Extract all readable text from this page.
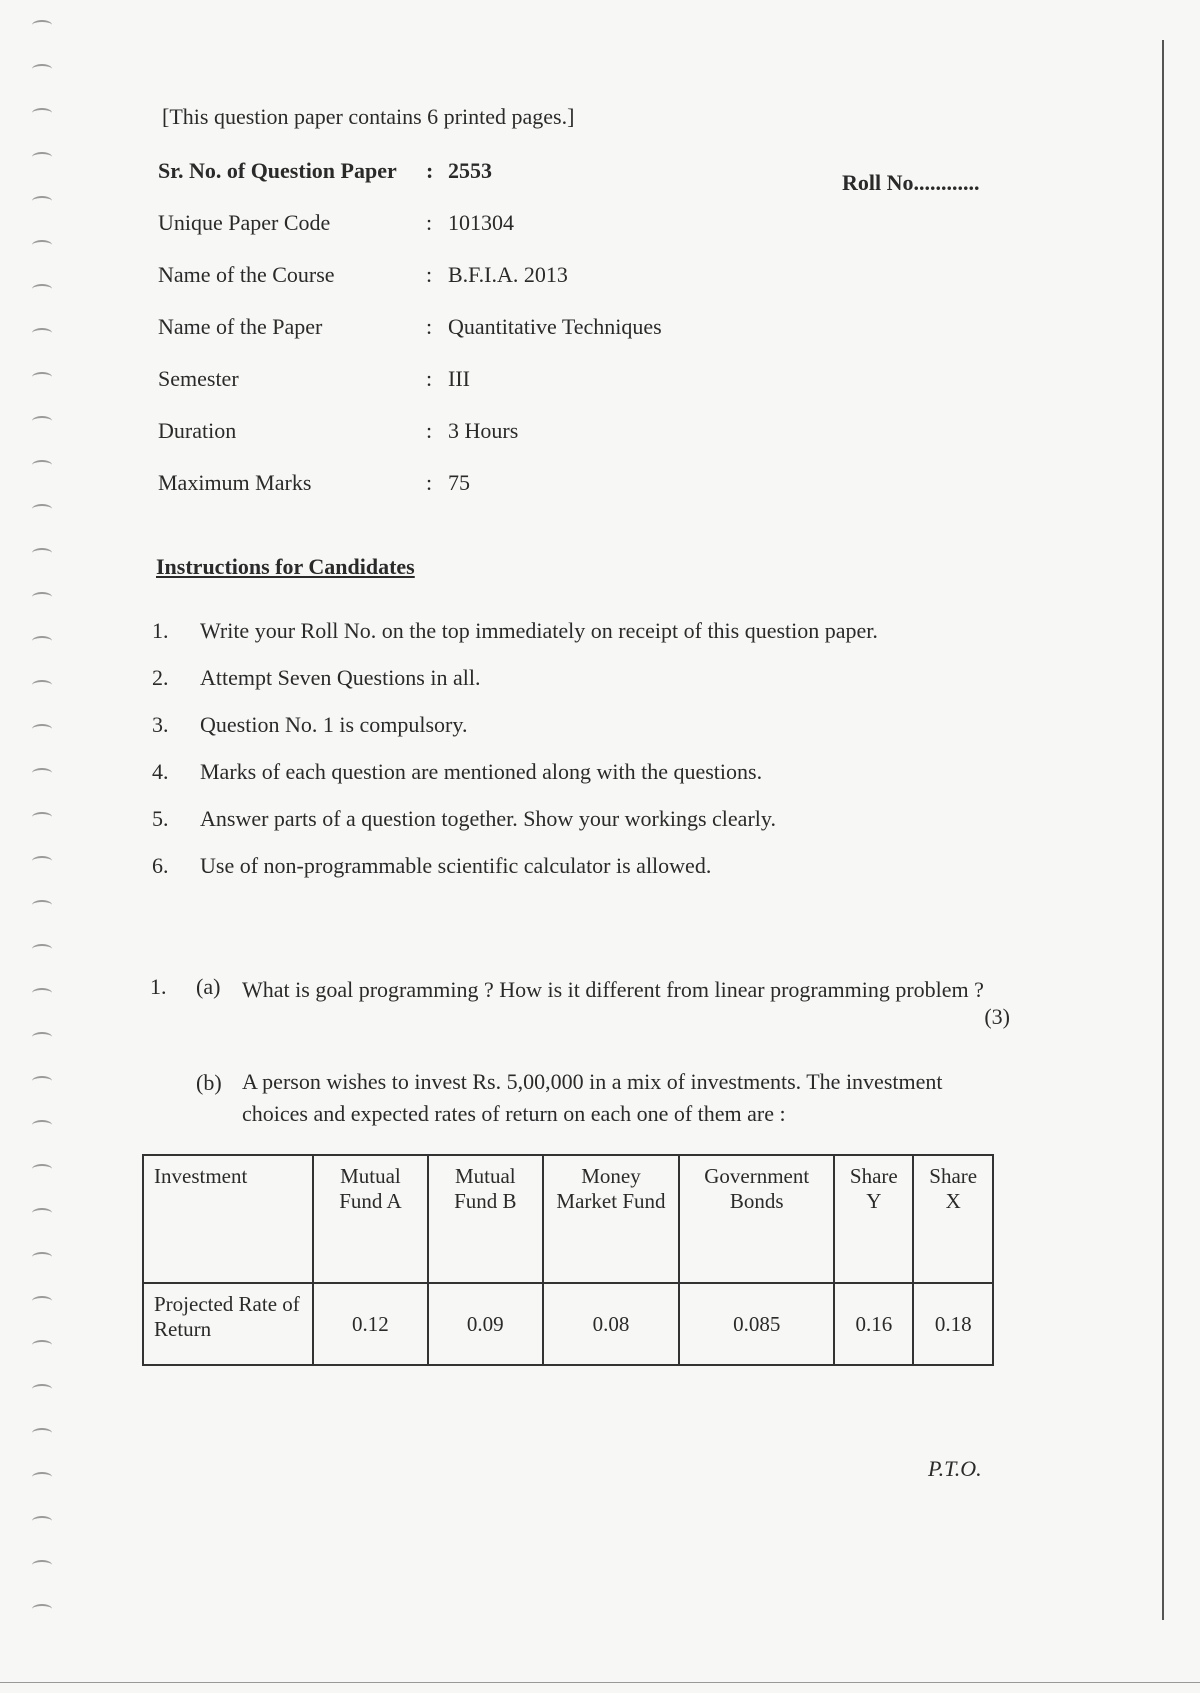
[This question paper contains 6 printed pages.]
Roll No............
Sr. No. of Question Paper	: 2553
Unique Paper Code	: 101304
Name of the Course	: B.F.I.A. 2013
Name of the Paper	: Quantitative Techniques
Semester	: III
Duration	: 3 Hours
Maximum Marks	: 75
Instructions for Candidates
1.	Write your Roll No. on the top immediately on receipt of this question paper.
2.	Attempt Seven Questions in all.
3.	Question No. 1 is compulsory.
4.	Marks of each question are mentioned along with the questions.
5.	Answer parts of a question together. Show your workings clearly.
6.	Use of non-programmable scientific calculator is allowed.
1.	(a) What is goal programming ? How is it different from linear programming problem ?
(3)
(b) A person wishes to invest Rs. 5,00,000 in a mix of investments. The investment choices and expected rates of return on each one of them are :
Investment	Mutual Fund A	Mutual Fund B	Money Market Fund	Government Bonds	Share Y	Share X
Projected Rate of Return	0.12	0.09	0.08	0.085	0.16	0.18
P.T.O.
